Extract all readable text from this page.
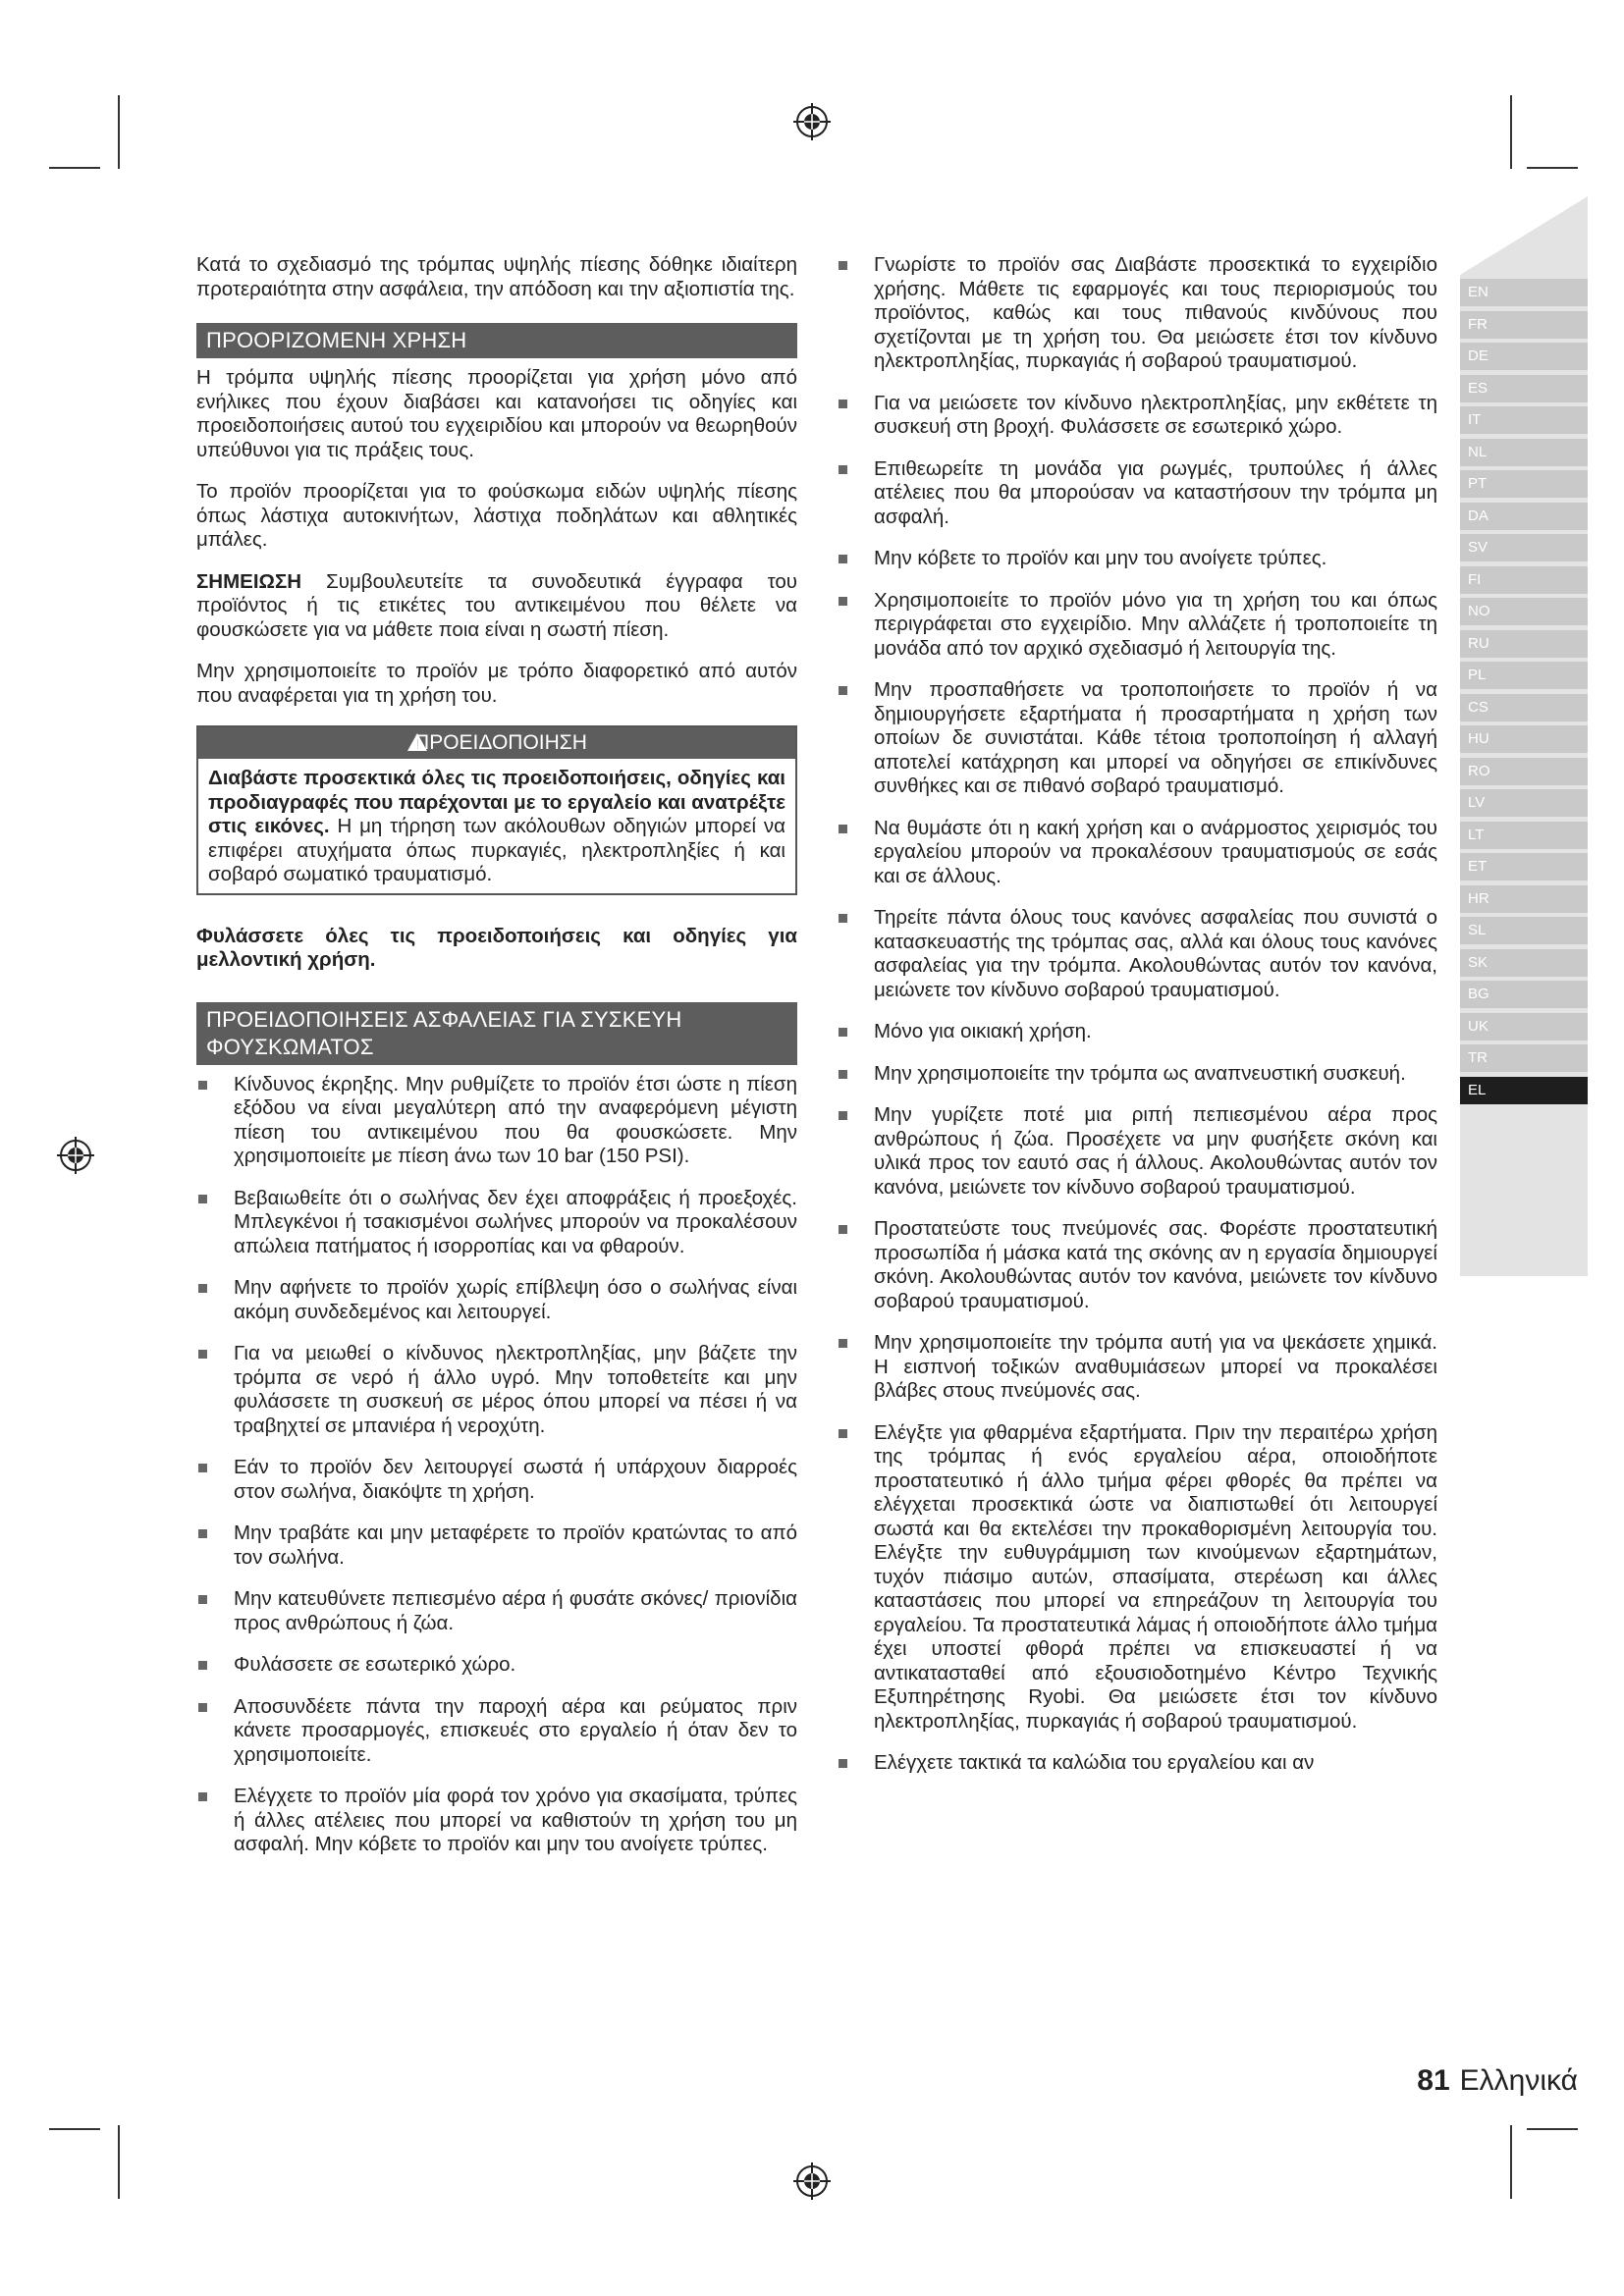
EN
FR
DE
ES
IT
NL
PT
DA
SV
FI
NO
RU
PL
CS
HU
RO
LV
LT
ET
HR
SL
SK
BG
UK
TR
EL

Κατά το σχεδιασμό της τρόμπας υψηλής πίεσης δόθηκε ιδιαίτερη προτεραιότητα στην ασφάλεια, την απόδοση και την αξιοπιστία της.

ΠΡΟΟΡΙΖΟΜΕΝΗ ΧΡΗΣΗ

Η τρόμπα υψηλής πίεσης προορίζεται για χρήση μόνο από ενήλικες που έχουν διαβάσει και κατανοήσει τις οδηγίες και προειδοποιήσεις αυτού του εγχειριδίου και μπορούν να θεωρηθούν υπεύθυνοι για τις πράξεις τους.

Το προϊόν προορίζεται για το φούσκωμα ειδών υψηλής πίεσης όπως λάστιχα αυτοκινήτων, λάστιχα ποδηλάτων και αθλητικές μπάλες.

ΣΗΜΕΙΩΣΗ Συμβουλευτείτε τα συνοδευτικά έγγραφα του προϊόντος ή τις ετικέτες του αντικειμένου που θέλετε να φουσκώσετε για να μάθετε ποια είναι η σωστή πίεση.

Μην χρησιμοποιείτε το προϊόν με τρόπο διαφορετικό από αυτόν που αναφέρεται για τη χρήση του.

ΠΡΟΕΙΔΟΠΟΙΗΣΗ
Διαβάστε προσεκτικά όλες τις προειδοποιήσεις, οδηγίες και προδιαγραφές που παρέχονται με το εργαλείο και ανατρέξτε στις εικόνες. Η μη τήρηση των ακόλουθων οδηγιών μπορεί να επιφέρει ατυχήματα όπως πυρκαγιές, ηλεκτροπληξίες ή και σοβαρό σωματικό τραυματισμό.

Φυλάσσετε όλες τις προειδοποιήσεις και οδηγίες για μελλοντική χρήση.

ΠΡΟΕΙΔΟΠΟΙΗΣΕΙΣ ΑΣΦΑΛΕΙΑΣ ΓΙΑ ΣΥΣΚΕΥΗ ΦΟΥΣΚΩΜΑΤΟΣ
Κίνδυνος έκρηξης. Μην ρυθμίζετε το προϊόν έτσι ώστε η πίεση εξόδου να είναι μεγαλύτερη από την αναφερόμενη μέγιστη πίεση του αντικειμένου που θα φουσκώσετε. Μην χρησιμοποιείτε με πίεση άνω των 10 bar (150 PSI).
Βεβαιωθείτε ότι ο σωλήνας δεν έχει αποφράξεις ή προεξοχές. Μπλεγκένοι ή τσακισμένοι σωλήνες μπορούν να προκαλέσουν απώλεια πατήματος ή ισορροπίας και να φθαρούν.
Μην αφήνετε το προϊόν χωρίς επίβλεψη όσο ο σωλήνας είναι ακόμη συνδεδεμένος και λειτουργεί.
Για να μειωθεί ο κίνδυνος ηλεκτροπληξίας, μην βάζετε την τρόμπα σε νερό ή άλλο υγρό. Μην τοποθετείτε και μην φυλάσσετε τη συσκευή σε μέρος όπου μπορεί να πέσει ή να τραβηχτεί σε μπανιέρα ή νεροχύτη.
Εάν το προϊόν δεν λειτουργεί σωστά ή υπάρχουν διαρροές στον σωλήνα, διακόψτε τη χρήση.
Μην τραβάτε και μην μεταφέρετε το προϊόν κρατώντας το από τον σωλήνα.
Μην κατευθύνετε πεπιεσμένο αέρα ή φυσάτε σκόνες/ πριονίδια προς ανθρώπους ή ζώα.
Φυλάσσετε σε εσωτερικό χώρο.
Αποσυνδέετε πάντα την παροχή αέρα και ρεύματος πριν κάνετε προσαρμογές, επισκευές στο εργαλείο ή όταν δεν το χρησιμοποιείτε.
Ελέγχετε το προϊόν μία φορά τον χρόνο για σκασίματα, τρύπες ή άλλες ατέλειες που μπορεί να καθιστούν τη χρήση του μη ασφαλή. Μην κόβετε το προϊόν και μην του ανοίγετε τρύπες.
Γνωρίστε το προϊόν σας Διαβάστε προσεκτικά το εγχειρίδιο χρήσης. Μάθετε τις εφαρμογές και τους περιορισμούς του προϊόντος, καθώς και τους πιθανούς κινδύνους που σχετίζονται με τη χρήση του. Θα μειώσετε έτσι τον κίνδυνο ηλεκτροπληξίας, πυρκαγιάς ή σοβαρού τραυματισμού.
Για να μειώσετε τον κίνδυνο ηλεκτροπληξίας, μην εκθέτετε τη συσκευή στη βροχή. Φυλάσσετε σε εσωτερικό χώρο.
Επιθεωρείτε τη μονάδα για ρωγμές, τρυπούλες ή άλλες ατέλειες που θα μπορούσαν να καταστήσουν την τρόμπα μη ασφαλή.
Μην κόβετε το προϊόν και μην του ανοίγετε τρύπες.
Χρησιμοποιείτε το προϊόν μόνο για τη χρήση του και όπως περιγράφεται στο εγχειρίδιο. Μην αλλάζετε ή τροποποιείτε τη μονάδα από τον αρχικό σχεδιασμό ή λειτουργία της.
Μην προσπαθήσετε να τροποποιήσετε το προϊόν ή να δημιουργήσετε εξαρτήματα ή προσαρτήματα η χρήση των οποίων δε συνιστάται. Κάθε τέτοια τροποποίηση ή αλλαγή αποτελεί κατάχρηση και μπορεί να οδηγήσει σε επικίνδυνες συνθήκες και σε πιθανό σοβαρό τραυματισμό.
Να θυμάστε ότι η κακή χρήση και ο ανάρμοστος χειρισμός του εργαλείου μπορούν να προκαλέσουν τραυματισμούς σε εσάς και σε άλλους.
Τηρείτε πάντα όλους τους κανόνες ασφαλείας που συνιστά ο κατασκευαστής της τρόμπας σας, αλλά και όλους τους κανόνες ασφαλείας για την τρόμπα. Ακολουθώντας αυτόν τον κανόνα, μειώνετε τον κίνδυνο σοβαρού τραυματισμού.
Μόνο για οικιακή χρήση.
Μην χρησιμοποιείτε την τρόμπα ως αναπνευστική συσκευή.
Μην γυρίζετε ποτέ μια ριπή πεπιεσμένου αέρα προς ανθρώπους ή ζώα. Προσέχετε να μην φυσήξετε σκόνη και υλικά προς τον εαυτό σας ή άλλους. Ακολουθώντας αυτόν τον κανόνα, μειώνετε τον κίνδυνο σοβαρού τραυματισμού.
Προστατεύστε τους πνεύμονές σας. Φορέστε προστατευτική προσωπίδα ή μάσκα κατά της σκόνης αν η εργασία δημιουργεί σκόνη. Ακολουθώντας αυτόν τον κανόνα, μειώνετε τον κίνδυνο σοβαρού τραυματισμού.
Μην χρησιμοποιείτε την τρόμπα αυτή για να ψεκάσετε χημικά. Η εισπνοή τοξικών αναθυμιάσεων μπορεί να προκαλέσει βλάβες στους πνεύμονές σας.
Ελέγξτε για φθαρμένα εξαρτήματα. Πριν την περαιτέρω χρήση της τρόμπας ή ενός εργαλείου αέρα, οποιοδήποτε προστατευτικό ή άλλο τμήμα φέρει φθορές θα πρέπει να ελέγχεται προσεκτικά ώστε να διαπιστωθεί ότι λειτουργεί σωστά και θα εκτελέσει την προκαθορισμένη λειτουργία του. Ελέγξτε την ευθυγράμμιση των κινούμενων εξαρτημάτων, τυχόν πιάσιμο αυτών, σπασίματα, στερέωση και άλλες καταστάσεις που μπορεί να επηρεάζουν τη λειτουργία του εργαλείου. Τα προστατευτικά λάμας ή οποιοδήποτε άλλο τμήμα έχει υποστεί φθορά πρέπει να επισκευαστεί ή να αντικατασταθεί από εξουσιοδοτημένο Κέντρο Τεχνικής Εξυπηρέτησης Ryobi. Θα μειώσετε έτσι τον κίνδυνο ηλεκτροπληξίας, πυρκαγιάς ή σοβαρού τραυματισμού.
Ελέγχετε τακτικά τα καλώδια του εργαλείου και αν
81 Ελληνικά
